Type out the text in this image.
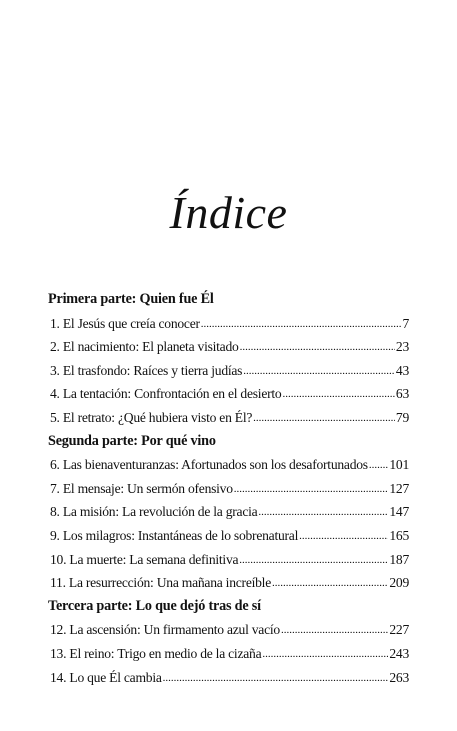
Índice
Primera parte: Quien fue Él
1. El Jesús que creía conocer .....	7
2. El nacimiento: El planeta visitado .....	23
3. El trasfondo: Raíces y tierra judías .....	43
4. La tentación: Confrontación en el desierto .....	63
5. El retrato: ¿Qué hubiera visto en Él? .....	79
Segunda parte: Por qué vino
6. Las bienaventuranzas: Afortunados son los desafortunados ..... 101
7. El mensaje: Un sermón ofensivo .....	127
8. La misión: La revolución de la gracia .....	147
9. Los milagros: Instantáneas de lo sobrenatural .....	165
10. La muerte: La semana definitiva .....	187
11. La resurrección: Una mañana increíble .....	209
Tercera parte: Lo que dejó tras de sí
12. La ascensión: Un firmamento azul vacío .....	227
13. El reino: Trigo en medio de la cizaña .....	243
14. Lo que Él cambia .....	263
